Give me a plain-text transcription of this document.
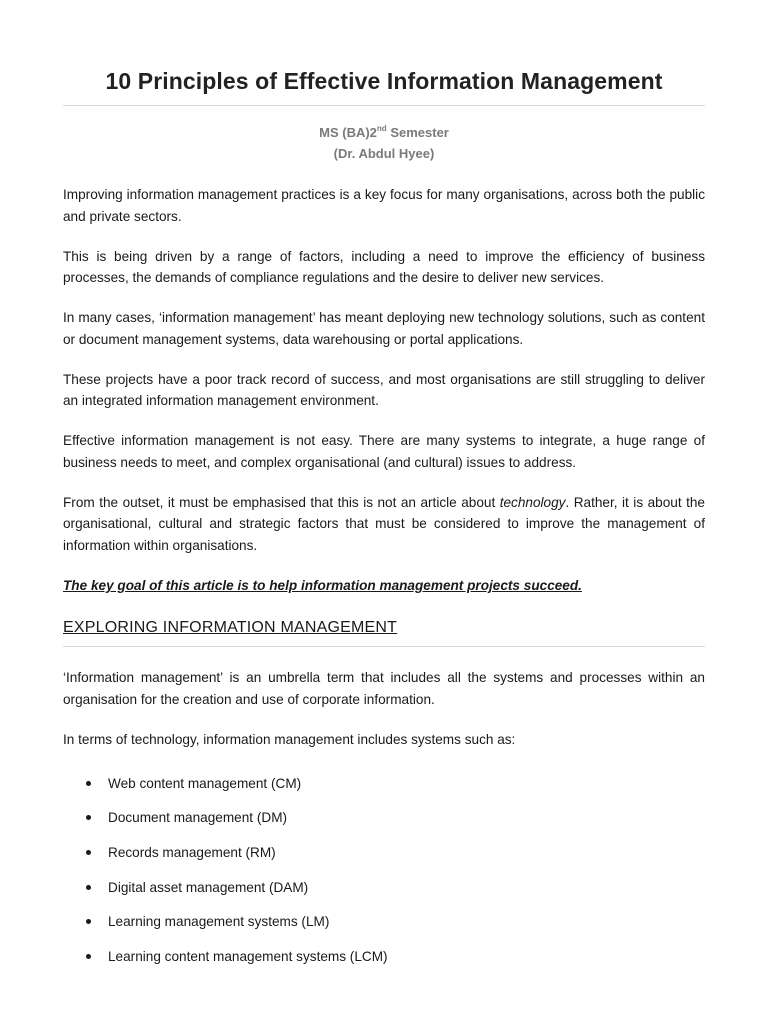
10 Principles of Effective Information Management
MS (BA)2nd Semester
(Dr. Abdul Hyee)

Improving information management practices is a key focus for many organisations, across both the public and private sectors.

This is being driven by a range of factors, including a need to improve the efficiency of business processes, the demands of compliance regulations and the desire to deliver new services.

In many cases, ‘information management’ has meant deploying new technology solutions, such as content or document management systems, data warehousing or portal applications.

These projects have a poor track record of success, and most organisations are still struggling to deliver an integrated information management environment.

Effective information management is not easy. There are many systems to integrate, a huge range of business needs to meet, and complex organisational (and cultural) issues to address.

From the outset, it must be emphasised that this is not an article about technology. Rather, it is about the organisational, cultural and strategic factors that must be considered to improve the management of information within organisations.

The key goal of this article is to help information management projects succeed.

EXPLORING INFORMATION MANAGEMENT

‘Information management’ is an umbrella term that includes all the systems and processes within an organisation for the creation and use of corporate information.

In terms of technology, information management includes systems such as:

Web content management (CM)
Document management (DM)
Records management (RM)
Digital asset management (DAM)
Learning management systems (LM)
Learning content management systems (LCM)
